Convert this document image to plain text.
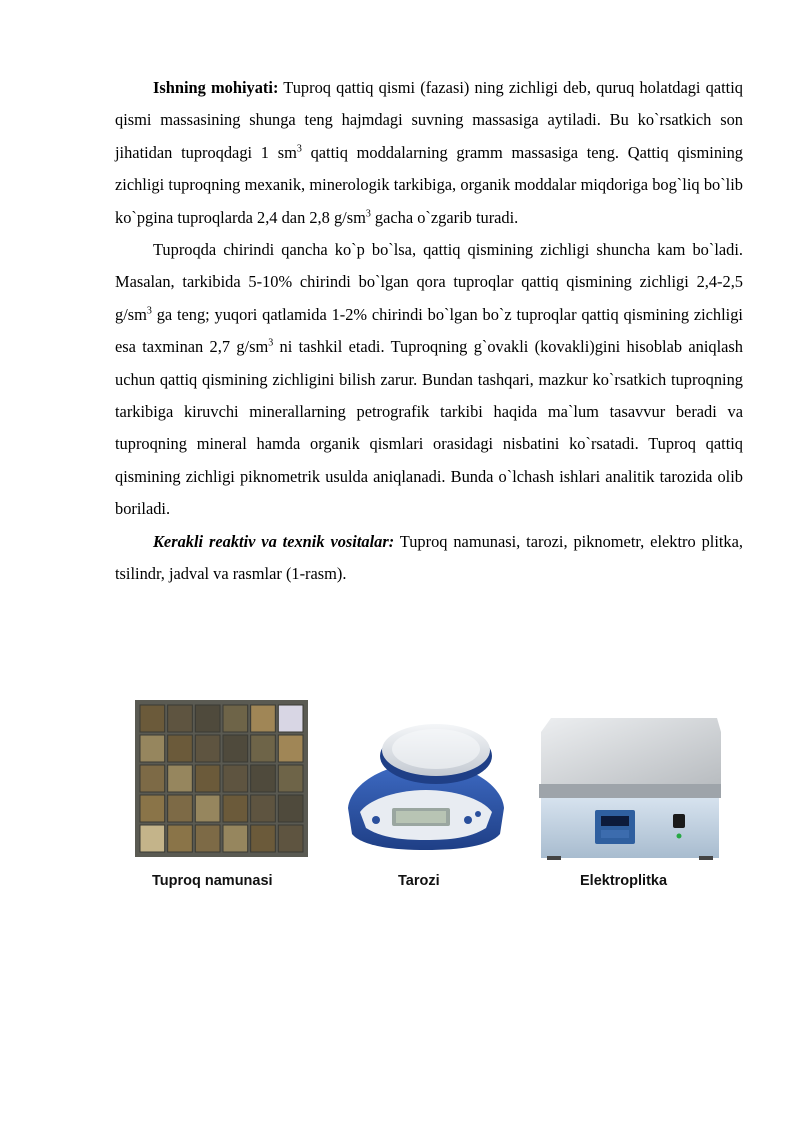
Ishning mohiyati: Tuproq qattiq qismi (fazasi) ning zichligi deb, quruq holatdagi qattiq qismi massasining shunga teng hajmdagi suvning massasiga aytiladi. Bu ko`rsatkich son jihatidan tuproqdagi 1 $sm^3$ qattiq moddalarning gramm massasiga teng. Qattiq qismining zichligi tuproqning mexanik, minerologik tarkibiga, organik moddalar miqdoriga bog`liq bo`lib ko`pgina tuproqlarda 2,4 dan 2,8 $g/sm^3$ gacha o`zgarib turadi.

Tuproqda chirindi qancha ko`p bo`lsa, qattiq qismining zichligi shuncha kam bo`ladi. Masalan, tarkibida 5-10% chirindi bo`lgan qora tuproqlar qattiq qismining zichligi 2,4-2,5 $g/sm^3$ ga teng; yuqori qatlamida 1-2% chirindi bo`lgan bo`z tuproqlar qattiq qismining zichligi esa taxminan 2,7 $g/sm^3$ ni tashkil etadi. Tuproqning g`ovakli (kovakli)gini hisoblab aniqlash uchun qattiq qismining zichligini bilish zarur. Bundan tashqari, mazkur ko`rsatkich tuproqning tarkibiga kiruvchi minerallarning petrografik tarkibi haqida ma`lum tasavvur beradi va tuproqning mineral hamda organik qismlari orasidagi nisbatini ko`rsatadi. Tuproq qattiq qismining zichligi piknometrik usulda aniqlanadi. Bunda o`lchash ishlari analitik tarozida olib boriladi.

Kerakli reaktiv va texnik vositalar: Tuproq namunasi, tarozi, piknometr, elektro plitka, tsilindr, jadval va rasmlar (1-rasm).

Tuproq namunasi	Tarozi	Elektroplitka
